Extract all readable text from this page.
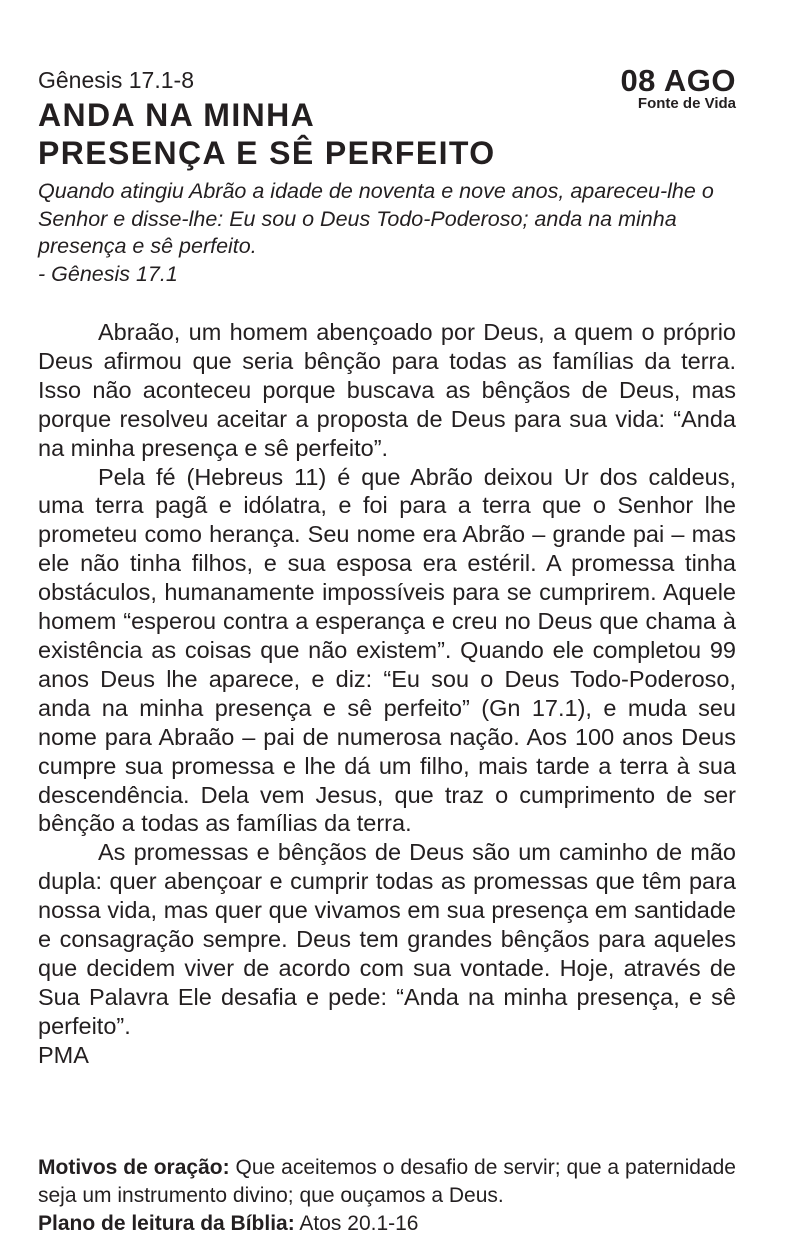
Gênesis 17.1-8	08 AGO
Fonte de Vida
ANDA NA MINHA
PRESENÇA E SÊ PERFEITO
Quando atingiu Abrão a idade de noventa e nove anos, apareceu-lhe o Senhor e disse-lhe: Eu sou o Deus Todo-Poderoso; anda na minha presença e sê perfeito.
- Gênesis 17.1

Abraão, um homem abençoado por Deus, a quem o próprio Deus afirmou que seria bênção para todas as famílias da terra. Isso não aconteceu porque buscava as bênçãos de Deus, mas porque resolveu aceitar a proposta de Deus para sua vida: “Anda na minha presença e sê perfeito”.

Pela fé (Hebreus 11) é que Abrão deixou Ur dos caldeus, uma terra pagã e idólatra, e foi para a terra que o Senhor lhe prometeu como herança. Seu nome era Abrão – grande pai – mas ele não tinha filhos, e sua esposa era estéril. A promessa tinha obstáculos, humanamente impossíveis para se cumprirem. Aquele homem “esperou contra a esperança e creu no Deus que chama à existência as coisas que não existem”. Quando ele completou 99 anos Deus lhe aparece, e diz: “Eu sou o Deus Todo-Poderoso, anda na minha presença e sê perfeito” (Gn 17.1), e muda seu nome para Abraão – pai de numerosa nação. Aos 100 anos Deus cumpre sua promessa e lhe dá um filho, mais tarde a terra à sua descendência. Dela vem Jesus, que traz o cumprimento de ser bênção a todas as famílias da terra.

As promessas e bênçãos de Deus são um caminho de mão dupla: quer abençoar e cumprir todas as promessas que têm para nossa vida, mas quer que vivamos em sua presença em santidade e consagração sempre. Deus tem grandes bênçãos para aqueles que decidem viver de acordo com sua vontade. Hoje, através de Sua Palavra Ele desafia e pede: “Anda na minha presença, e sê perfeito”.

PMA

Motivos de oração: Que aceitemos o desafio de servir; que a paternidade seja um instrumento divino; que ouçamos a Deus.

Plano de leitura da Bíblia: Atos 20.1-16
